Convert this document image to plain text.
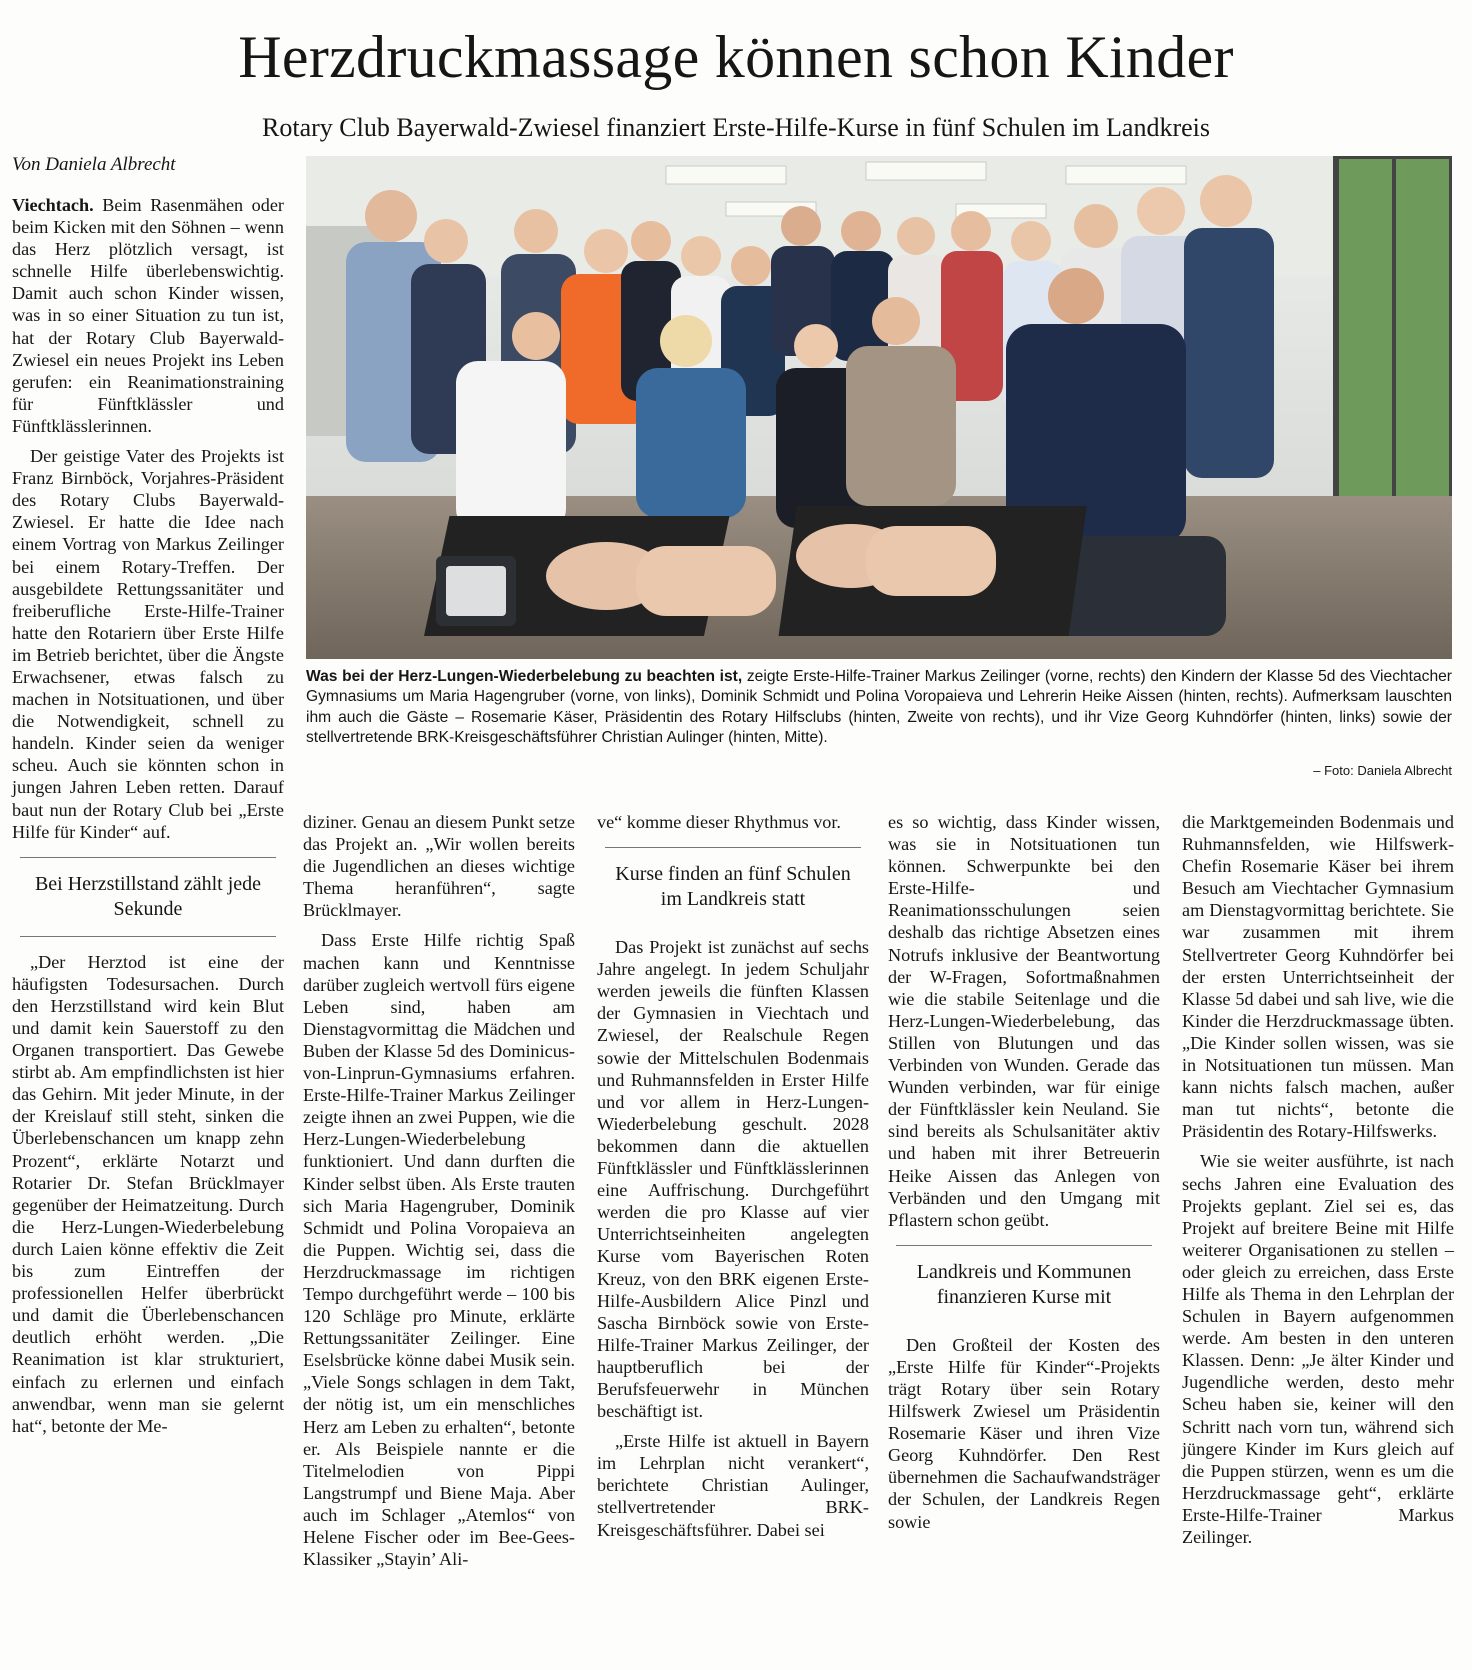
Herzdruckmassage können schon Kinder
Rotary Club Bayerwald-Zwiesel finanziert Erste-Hilfe-Kurse in fünf Schulen im Landkreis
Von Daniela Albrecht
Was bei der Herz-Lungen-Wiederbelebung zu beachten ist, zeigte Erste-Hilfe-Trainer Markus Zeilinger (vorne, rechts) den Kindern der Klasse 5d des Viechtacher Gymnasiums um Maria Hagengruber (vorne, von links), Dominik Schmidt und Polina Voropaieva und Lehrerin Heike Aissen (hinten, rechts). Aufmerksam lauschten ihm auch die Gäste – Rosemarie Käser, Präsidentin des Rotary Hilfsclubs (hinten, Zweite von rechts), und ihr Vize Georg Kuhndörfer (hinten, links) sowie der stellvertretende BRK-Kreisgeschäftsführer Christian Aulinger (hinten, Mitte).
– Foto: Daniela Albrecht

Viechtach. Beim Rasenmähen oder beim Kicken mit den Söhnen – wenn das Herz plötzlich versagt, ist schnelle Hilfe überlebenswichtig. Damit auch schon Kinder wissen, was in so einer Situation zu tun ist, hat der Rotary Club Bayerwald-Zwiesel ein neues Projekt ins Leben gerufen: ein Reanimationstraining für Fünftklässler und Fünftklässlerinnen.

Der geistige Vater des Projekts ist Franz Birnböck, Vorjahres-Präsident des Rotary Clubs Bayerwald-Zwiesel. Er hatte die Idee nach einem Vortrag von Markus Zeilinger bei einem Rotary-Treffen. Der ausgebildete Rettungssanitäter und freiberufliche Erste-Hilfe-Trainer hatte den Rotariern über Erste Hilfe im Betrieb berichtet, über die Ängste Erwachsener, etwas falsch zu machen in Notsituationen, und über die Notwendigkeit, schnell zu handeln. Kinder seien da weniger scheu. Auch sie könnten schon in jungen Jahren Leben retten. Darauf baut nun der Rotary Club bei „Erste Hilfe für Kinder“ auf.

Bei Herzstillstand zählt jede Sekunde

„Der Herztod ist eine der häufigsten Todesursachen. Durch den Herzstillstand wird kein Blut und damit kein Sauerstoff zu den Organen transportiert. Das Gewebe stirbt ab. Am empfindlichsten ist hier das Gehirn. Mit jeder Minute, in der der Kreislauf still steht, sinken die Überlebenschancen um knapp zehn Prozent“, erklärte Notarzt und Rotarier Dr. Stefan Brücklmayer gegenüber der Heimatzeitung. Durch die Herz-Lungen-Wiederbelebung durch Laien könne effektiv die Zeit bis zum Eintreffen der professionellen Helfer überbrückt und damit die Überlebenschancen deutlich erhöht werden. „Die Reanimation ist klar strukturiert, einfach zu erlernen und einfach anwendbar, wenn man sie gelernt hat“, betonte der Me-

diziner. Genau an diesem Punkt setze das Projekt an. „Wir wollen bereits die Jugendlichen an dieses wichtige Thema heranführen“, sagte Brücklmayer.

Dass Erste Hilfe richtig Spaß machen kann und Kenntnisse darüber zugleich wertvoll fürs eigene Leben sind, haben am Dienstagvormittag die Mädchen und Buben der Klasse 5d des Dominicus-von-Linprun-Gymnasiums erfahren. Erste-Hilfe-Trainer Markus Zeilinger zeigte ihnen an zwei Puppen, wie die Herz-Lungen-Wiederbelebung funktioniert. Und dann durften die Kinder selbst üben. Als Erste trauten sich Maria Hagengruber, Dominik Schmidt und Polina Voropaieva an die Puppen. Wichtig sei, dass die Herzdruckmassage im richtigen Tempo durchgeführt werde – 100 bis 120 Schläge pro Minute, erklärte Rettungssanitäter Zeilinger. Eine Eselsbrücke könne dabei Musik sein. „Viele Songs schlagen in dem Takt, der nötig ist, um ein menschliches Herz am Leben zu erhalten“, betonte er. Als Beispiele nannte er die Titelmelodien von Pippi Langstrumpf und Biene Maja. Aber auch im Schlager „Atemlos“ von Helene Fischer oder im Bee-Gees-Klassiker „Stayin’ Ali-

ve“ komme dieser Rhythmus vor.

Kurse finden an fünf Schulen im Landkreis statt

Das Projekt ist zunächst auf sechs Jahre angelegt. In jedem Schuljahr werden jeweils die fünften Klassen der Gymnasien in Viechtach und Zwiesel, der Realschule Regen sowie der Mittelschulen Bodenmais und Ruhmannsfelden in Erster Hilfe und vor allem in Herz-Lungen-Wiederbelebung geschult. 2028 bekommen dann die aktuellen Fünftklässler und Fünftklässlerinnen eine Auffrischung. Durchgeführt werden die pro Klasse auf vier Unterrichtseinheiten angelegten Kurse vom Bayerischen Roten Kreuz, von den BRK eigenen Erste-Hilfe-Ausbildern Alice Pinzl und Sascha Birnböck sowie von Erste-Hilfe-Trainer Markus Zeilinger, der hauptberuflich bei der Berufsfeuerwehr in München beschäftigt ist.

„Erste Hilfe ist aktuell in Bayern im Lehrplan nicht verankert“, berichtete Christian Aulinger, stellvertretender BRK-Kreisgeschäftsführer. Dabei sei

es so wichtig, dass Kinder wissen, was sie in Notsituationen tun können. Schwerpunkte bei den Erste-Hilfe- und Reanimationsschulungen seien deshalb das richtige Absetzen eines Notrufs inklusive der Beantwortung der W-Fragen, Sofortmaßnahmen wie die stabile Seitenlage und die Herz-Lungen-Wiederbelebung, das Stillen von Blutungen und das Verbinden von Wunden. Gerade das Wunden verbinden, war für einige der Fünftklässler kein Neuland. Sie sind bereits als Schulsanitäter aktiv und haben mit ihrer Betreuerin Heike Aissen das Anlegen von Verbänden und den Umgang mit Pflastern schon geübt.

Landkreis und Kommunen finanzieren Kurse mit

Den Großteil der Kosten des „Erste Hilfe für Kinder“-Projekts trägt Rotary über sein Rotary Hilfswerk Zwiesel um Präsidentin Rosemarie Käser und ihren Vize Georg Kuhndörfer. Den Rest übernehmen die Sachaufwandsträger der Schulen, der Landkreis Regen sowie

die Marktgemeinden Bodenmais und Ruhmannsfelden, wie Hilfswerk-Chefin Rosemarie Käser bei ihrem Besuch am Viechtacher Gymnasium am Dienstagvormittag berichtete. Sie war zusammen mit ihrem Stellvertreter Georg Kuhndörfer bei der ersten Unterrichtseinheit der Klasse 5d dabei und sah live, wie die Kinder die Herzdruckmassage übten. „Die Kinder sollen wissen, was sie in Notsituationen tun müssen. Man kann nichts falsch machen, außer man tut nichts“, betonte die Präsidentin des Rotary-Hilfswerks.

Wie sie weiter ausführte, ist nach sechs Jahren eine Evaluation des Projekts geplant. Ziel sei es, das Projekt auf breitere Beine mit Hilfe weiterer Organisationen zu stellen – oder gleich zu erreichen, dass Erste Hilfe als Thema in den Lehrplan der Schulen in Bayern aufgenommen werde. Am besten in den unteren Klassen. Denn: „Je älter Kinder und Jugendliche werden, desto mehr Scheu haben sie, keiner will den Schritt nach vorn tun, während sich jüngere Kinder im Kurs gleich auf die Puppen stürzen, wenn es um die Herzdruckmassage geht“, erklärte Erste-Hilfe-Trainer Markus Zeilinger.
